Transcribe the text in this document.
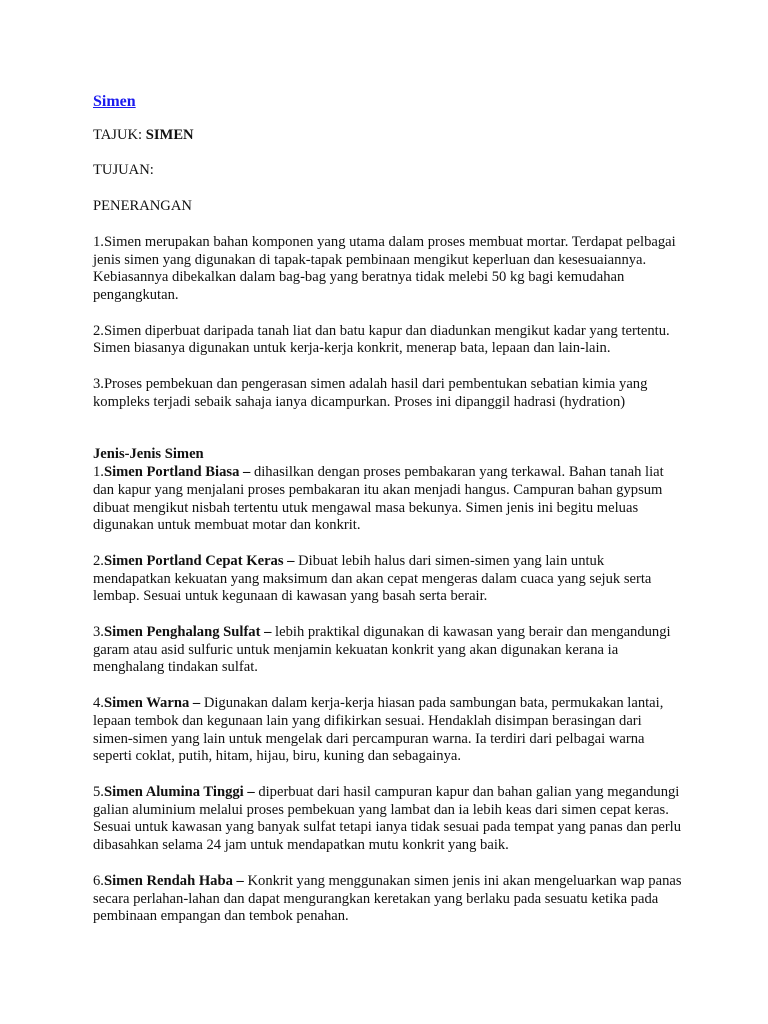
Simen

TAJUK: SIMEN

TUJUAN:

PENERANGAN

1.Simen merupakan bahan komponen yang utama dalam proses membuat mortar. Terdapat pelbagai jenis simen yang digunakan di tapak-tapak pembinaan mengikut keperluan dan kesesuaiannya. Kebiasannya dibekalkan dalam bag-bag yang beratnya tidak melebi 50 kg bagi kemudahan pengangkutan.

2.Simen diperbuat daripada tanah liat dan batu kapur dan diadunkan mengikut kadar yang tertentu. Simen biasanya digunakan untuk kerja-kerja konkrit, menerap bata, lepaan dan lain-lain.

3.Proses pembekuan dan pengerasan simen adalah hasil dari pembentukan sebatian kimia yang kompleks terjadi sebaik sahaja ianya dicampurkan. Proses ini dipanggil hadrasi (hydration)

Jenis-Jenis Simen

1.Simen Portland Biasa – dihasilkan dengan proses pembakaran yang terkawal. Bahan tanah liat dan kapur yang menjalani proses pembakaran itu akan menjadi hangus. Campuran bahan gypsum dibuat mengikut nisbah tertentu utuk mengawal masa bekunya. Simen jenis ini begitu meluas digunakan untuk membuat motar dan konkrit.

2.Simen Portland Cepat Keras – Dibuat lebih halus dari simen-simen yang lain untuk mendapatkan kekuatan yang maksimum dan akan cepat mengeras dalam cuaca yang sejuk serta lembap. Sesuai untuk kegunaan di kawasan yang basah serta berair.

3.Simen Penghalang Sulfat – lebih praktikal digunakan di kawasan yang berair dan mengandungi garam atau asid sulfuric untuk menjamin kekuatan konkrit yang akan digunakan kerana ia menghalang tindakan sulfat.

4.Simen Warna – Digunakan dalam kerja-kerja hiasan pada sambungan bata, permukakan lantai, lepaan tembok dan kegunaan lain yang difikirkan sesuai. Hendaklah disimpan berasingan dari simen-simen yang lain untuk mengelak dari percampuran warna. Ia terdiri dari pelbagai warna seperti coklat, putih, hitam, hijau, biru, kuning dan sebagainya.

5.Simen Alumina Tinggi – diperbuat dari hasil campuran kapur dan bahan galian yang megandungi galian aluminium melalui proses pembekuan yang lambat dan ia lebih keas dari simen cepat keras. Sesuai untuk kawasan yang banyak sulfat tetapi ianya tidak sesuai pada tempat yang panas dan perlu dibasahkan selama 24 jam untuk mendapatkan mutu konkrit yang baik.

6.Simen Rendah Haba – Konkrit yang menggunakan simen jenis ini akan mengeluarkan wap panas secara perlahan-lahan dan dapat mengurangkan keretakan yang berlaku pada sesuatu ketika pada pembinaan empangan dan tembok penahan.
